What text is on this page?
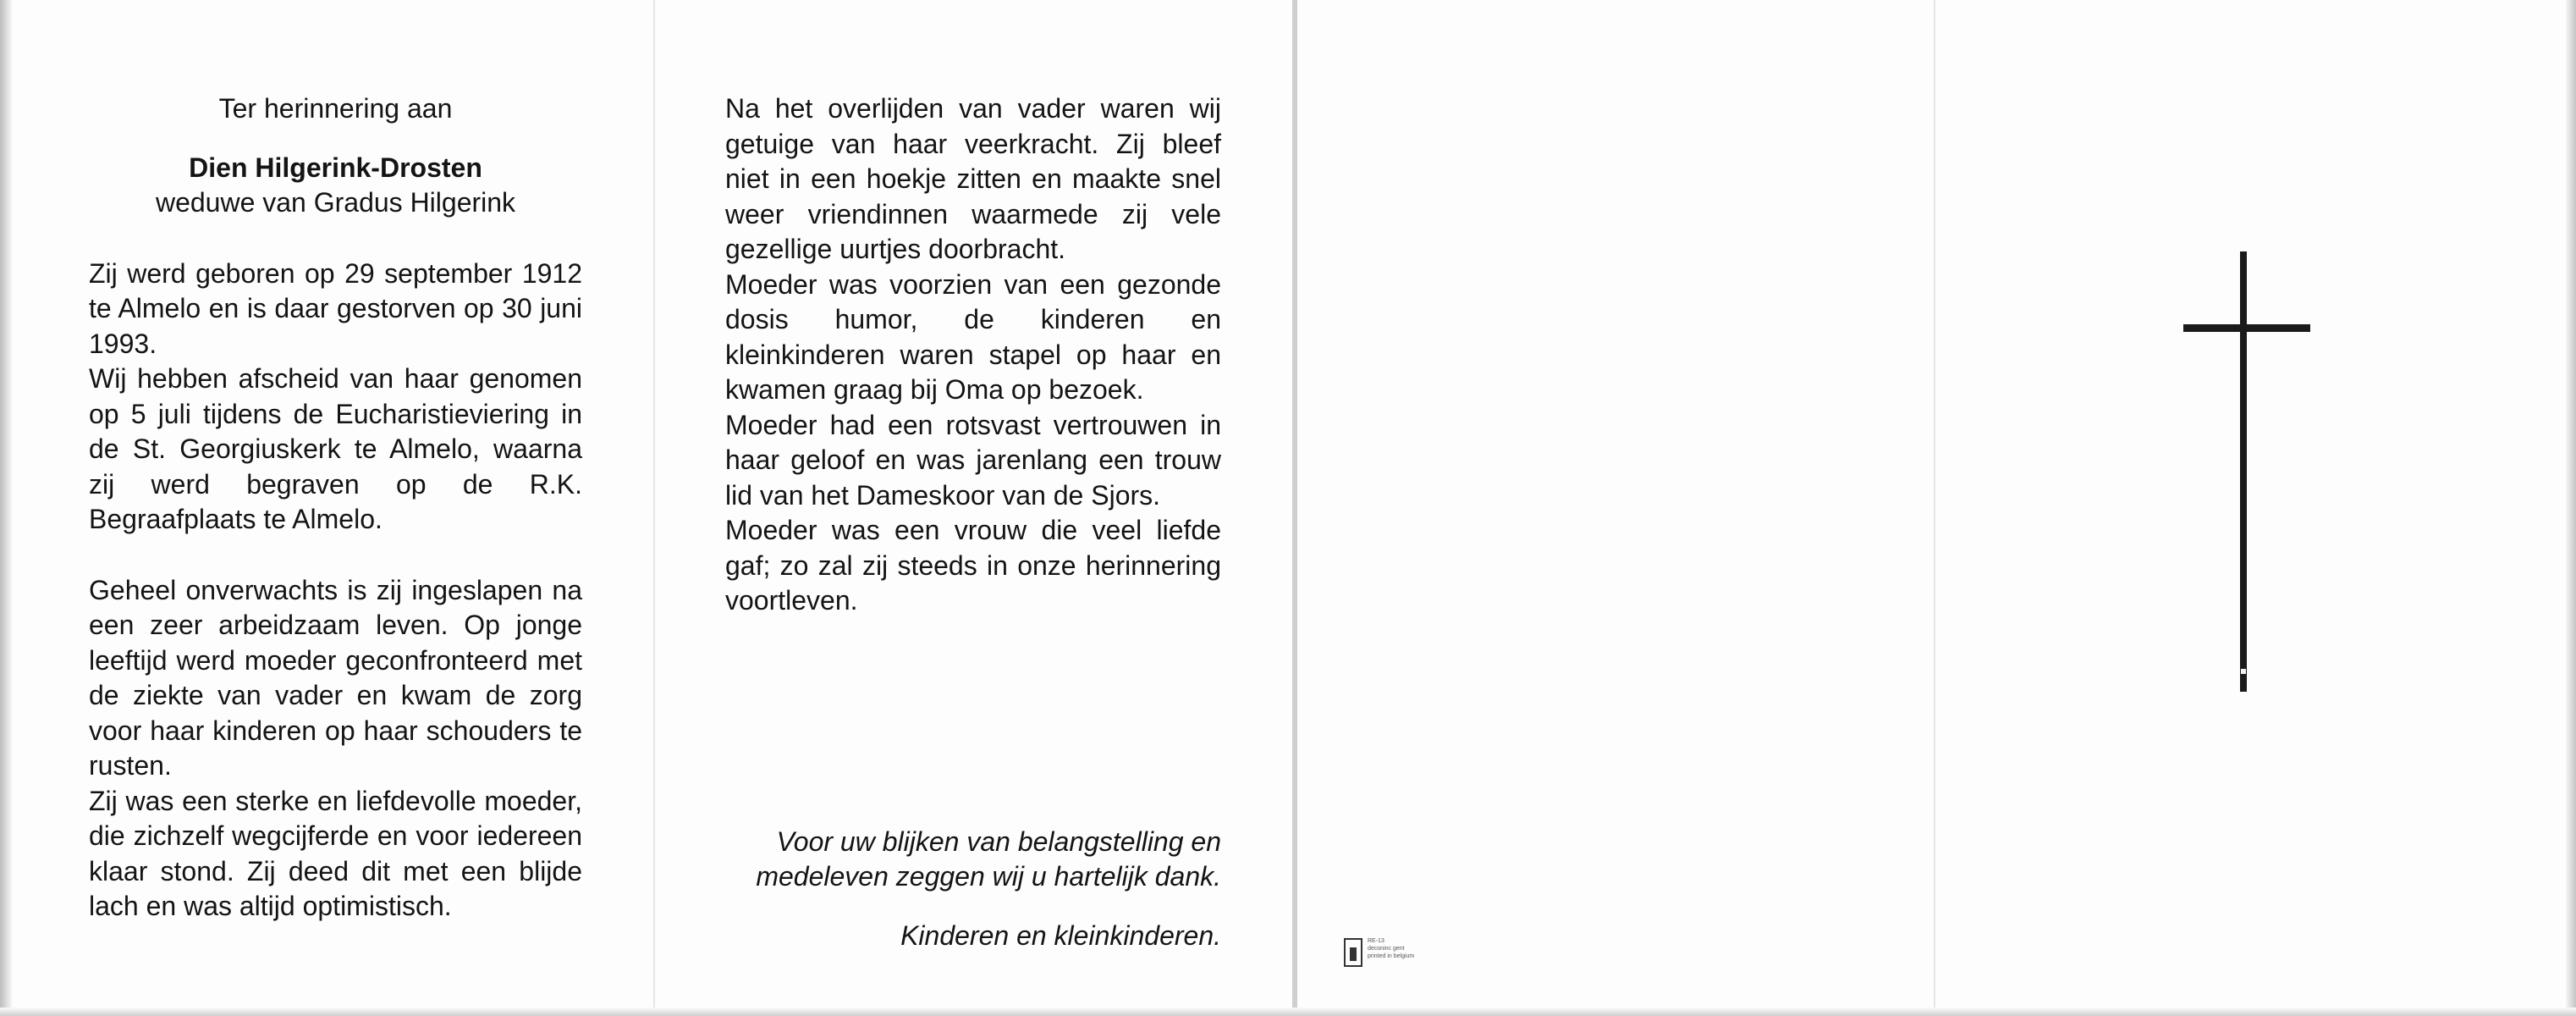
Ter herinnering aan

Dien Hilgerink-Drosten

weduwe van Gradus Hilgerink

Zij werd geboren op 29 september 1912 te Almelo en is daar gestorven op 30 juni 1993.

Wij hebben afscheid van haar genomen op 5 juli tijdens de Eucharistieviering in de St. Georgiuskerk te Almelo, waarna zij werd begraven op de R.K. Begraafplaats te Almelo.

Geheel onverwachts is zij ingeslapen na een zeer arbeidzaam leven. Op jonge leeftijd werd moeder geconfronteerd met de ziekte van vader en kwam de zorg voor haar kinderen op haar schouders te rusten.

Zij was een sterke en liefdevolle moeder, die zichzelf wegcijferde en voor iedereen klaar stond. Zij deed dit met een blijde lach en was altijd optimistisch.

Na het overlijden van vader waren wij getuige van haar veerkracht. Zij bleef niet in een hoekje zitten en maakte snel weer vriendinnen waarmede zij vele gezellige uurtjes doorbracht.

Moeder was voorzien van een gezonde dosis humor, de kinderen en kleinkinderen waren stapel op haar en kwamen graag bij Oma op bezoek.

Moeder had een rotsvast vertrouwen in haar geloof en was jarenlang een trouw lid van het Dameskoor van de Sjors.

Moeder was een vrouw die veel liefde gaf; zo zal zij steeds in onze herinnering voortleven.

Voor uw blijken van belangstelling en medeleven zeggen wij u hartelijk dank.

Kinderen en kleinkinderen.	RE-13
deconinc gent
printed in belgium
